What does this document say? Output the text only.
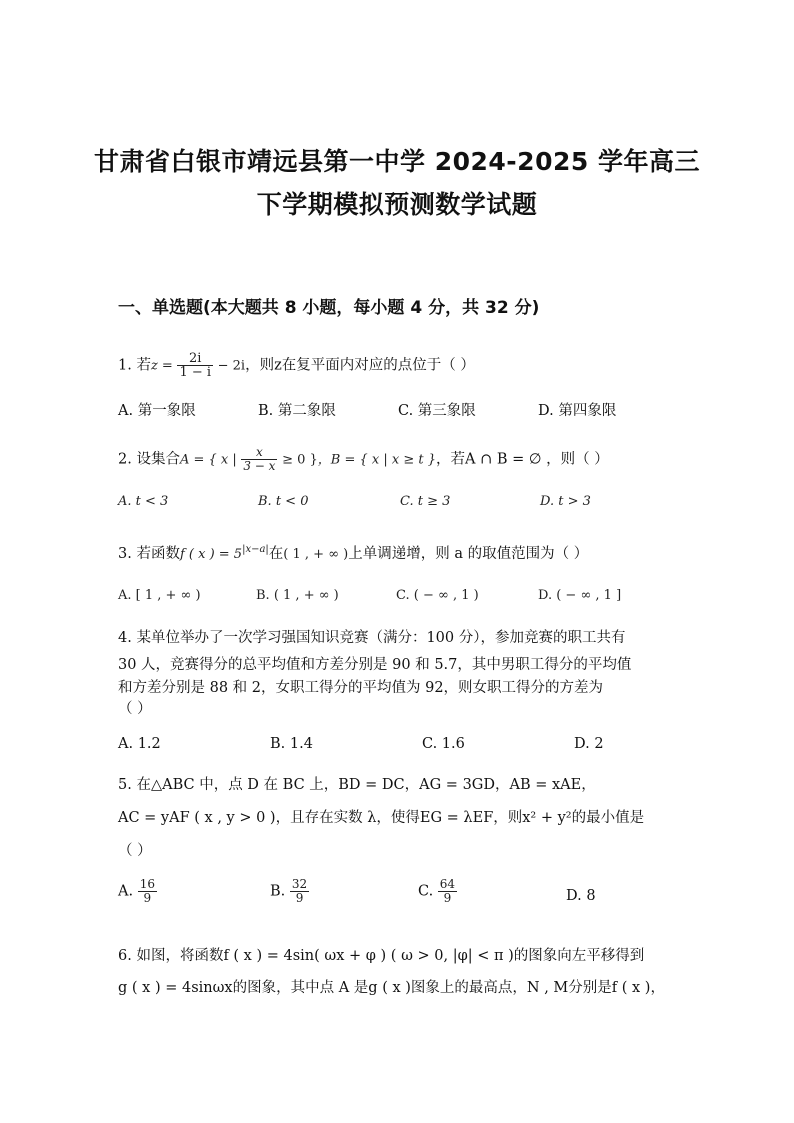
甘肃省白银市靖远县第一中学 2024-2025 学年高三
下学期模拟预测数学试题
一、单选题(本大题共 8 小题，每小题 4 分，共 32 分)
1. 若$z = \frac{2i}{1 - i} - 2i$，则z在复平面内对应的点位于（ ）
A. 第一象限	B. 第二象限	C. 第三象限	D. 第四象限
2. 设集合A = { x | $\frac{x}{3 - x} \ge 0$ }，B = { x | x ≥ t }，若A ∩ B = ∅ ，则（ ）
A. t < 3	B. t < 0	C. t ≥ 3	D. t > 3
3. 若函数f ( x ) = $5^{|x-a|}$在( 1 , + ∞ )上单调递增，则 a 的取值范围为（ ）
A. [ 1 , + ∞ )	B. ( 1 , + ∞ )	C. ( − ∞ , 1 )	D. ( − ∞ , 1 ]
4. 某单位举办了一次学习强国知识竞赛（满分：100 分），参加竞赛的职工共有
30 人，竞赛得分的总平均值和方差分别是 90 和 5.7，其中男职工得分的平均值
和方差分别是 88 和 2，女职工得分的平均值为 92，则女职工得分的方差为
（ ）
A. 1.2	B. 1.4	C. 1.6	D. 2
5. 在△ABC 中，点 D 在 BC 上，BD = DC，AG = 3GD，AB = xAE，
AC = yAF ( x , y > 0 )，且存在实数 λ，使得EG = λEF，则x² + y²的最小值是
（ ）
A. $\frac{16}{9}$	B. $\frac{32}{9}$	C. $\frac{64}{9}$	D. 8
6. 如图，将函数f ( x ) = 4sin( ωx + φ ) ( ω > 0, |φ| < π )的图象向左平移得到
g ( x ) = 4sinωx的图象，其中点 A 是g ( x )图象上的最高点，N , M分别是f ( x )，
